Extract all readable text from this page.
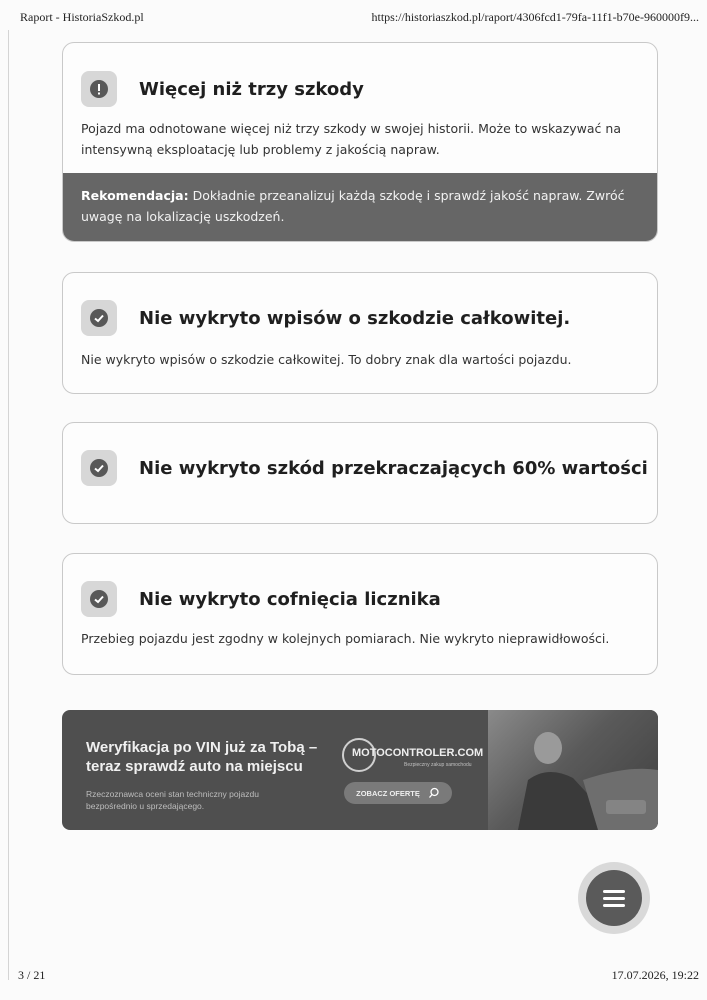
Raport - HistoriaSzkod.pl	https://historiaszkod.pl/raport/4306fcd1-79fa-11f1-b70e-960000f9...
Więcej niż trzy szkody
Pojazd ma odnotowane więcej niż trzy szkody w swojej historii. Może to wskazywać na intensywną eksploatację lub problemy z jakością napraw.
Rekomendacja: Dokładnie przeanalizuj każdą szkodę i sprawdź jakość napraw. Zwróć uwagę na lokalizację uszkodzeń.
Nie wykryto wpisów o szkodzie całkowitej.
Nie wykryto wpisów o szkodzie całkowitej. To dobry znak dla wartości pojazdu.
Nie wykryto szkód przekraczających 60% wartości
Nie wykryto cofnięcia licznika
Przebieg pojazdu jest zgodny w kolejnych pomiarach. Nie wykryto nieprawidłowości.
Weryfikacja po VIN już za Tobą – teraz sprawdź auto na miejscu
Rzeczoznawca oceni stan techniczny pojazdu bezpośrednio u sprzedającego.
MOTOCONTROLER.COM
Bezpieczny zakup samochodu
ZOBACZ OFERTĘ
3 / 21	17.07.2026, 19:22
